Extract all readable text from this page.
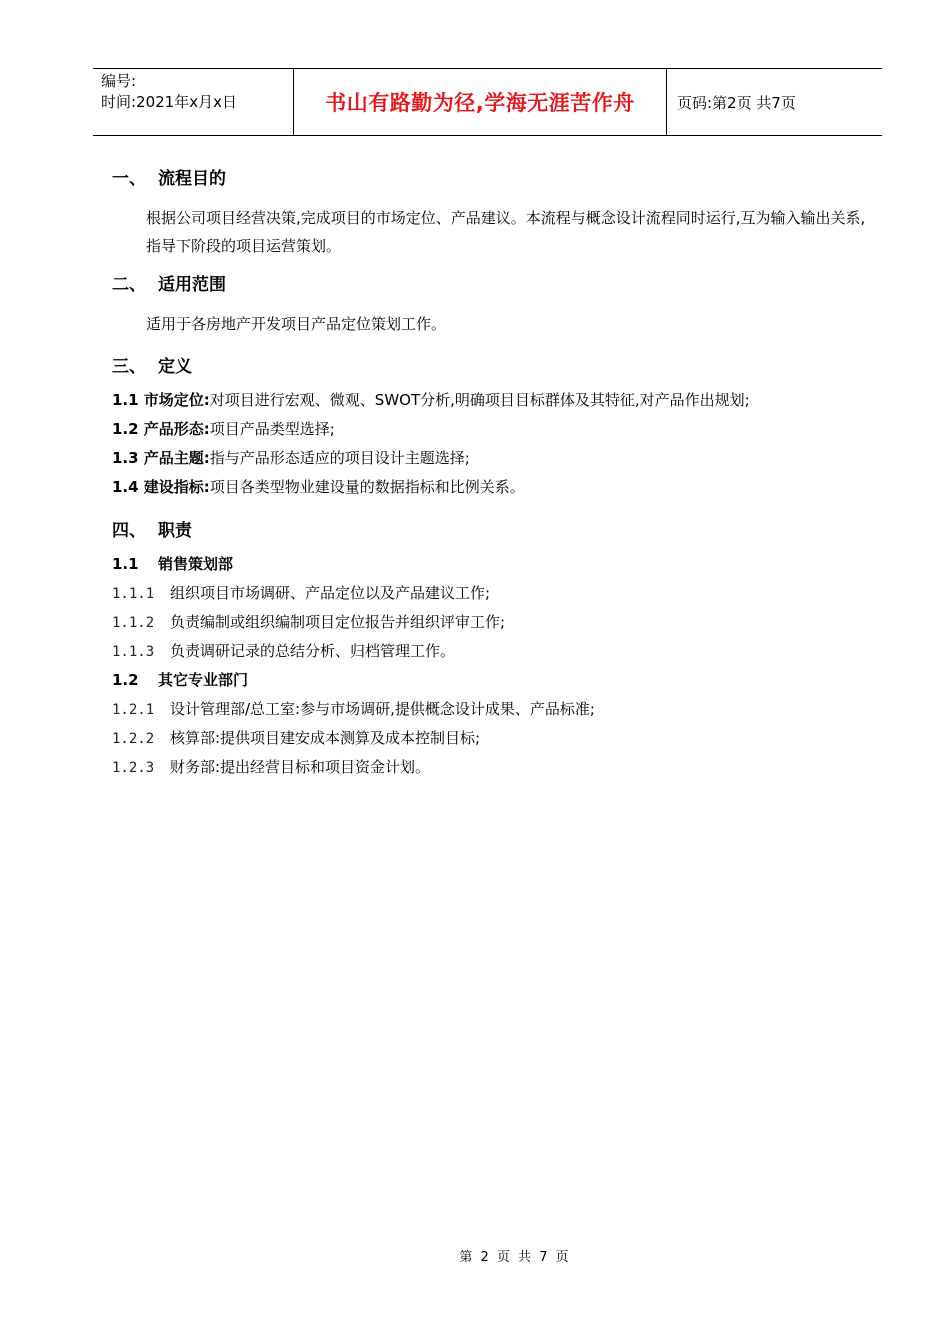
编号:
时间:2021年x月x日	书山有路勤为径,学海无涯苦作舟	页码:第2页 共7页
一、 流程目的

根据公司项目经营决策,完成项目的市场定位、产品建议。本流程与概念设计流程同时运行,互为输入输出关系,指导下阶段的项目运营策划。

二、 适用范围

适用于各房地产开发项目产品定位策划工作。

三、 定义
1.1 市场定位:对项目进行宏观、微观、SWOT分析,明确项目目标群体及其特征,对产品作出规划;
1.2 产品形态:项目产品类型选择;
1.3 产品主题:指与产品形态适应的项目设计主题选择;
1.4 建设指标:项目各类型物业建设量的数据指标和比例关系。
四、 职责
1.1 销售策划部
1.1.1 组织项目市场调研、产品定位以及产品建议工作;
1.1.2 负责编制或组织编制项目定位报告并组织评审工作;
1.1.3 负责调研记录的总结分析、归档管理工作。
1.2 其它专业部门
1.2.1 设计管理部/总工室:参与市场调研,提供概念设计成果、产品标准;
1.2.2 核算部:提供项目建安成本测算及成本控制目标;
1.2.3 财务部:提出经营目标和项目资金计划。
第 2 页 共 7 页
